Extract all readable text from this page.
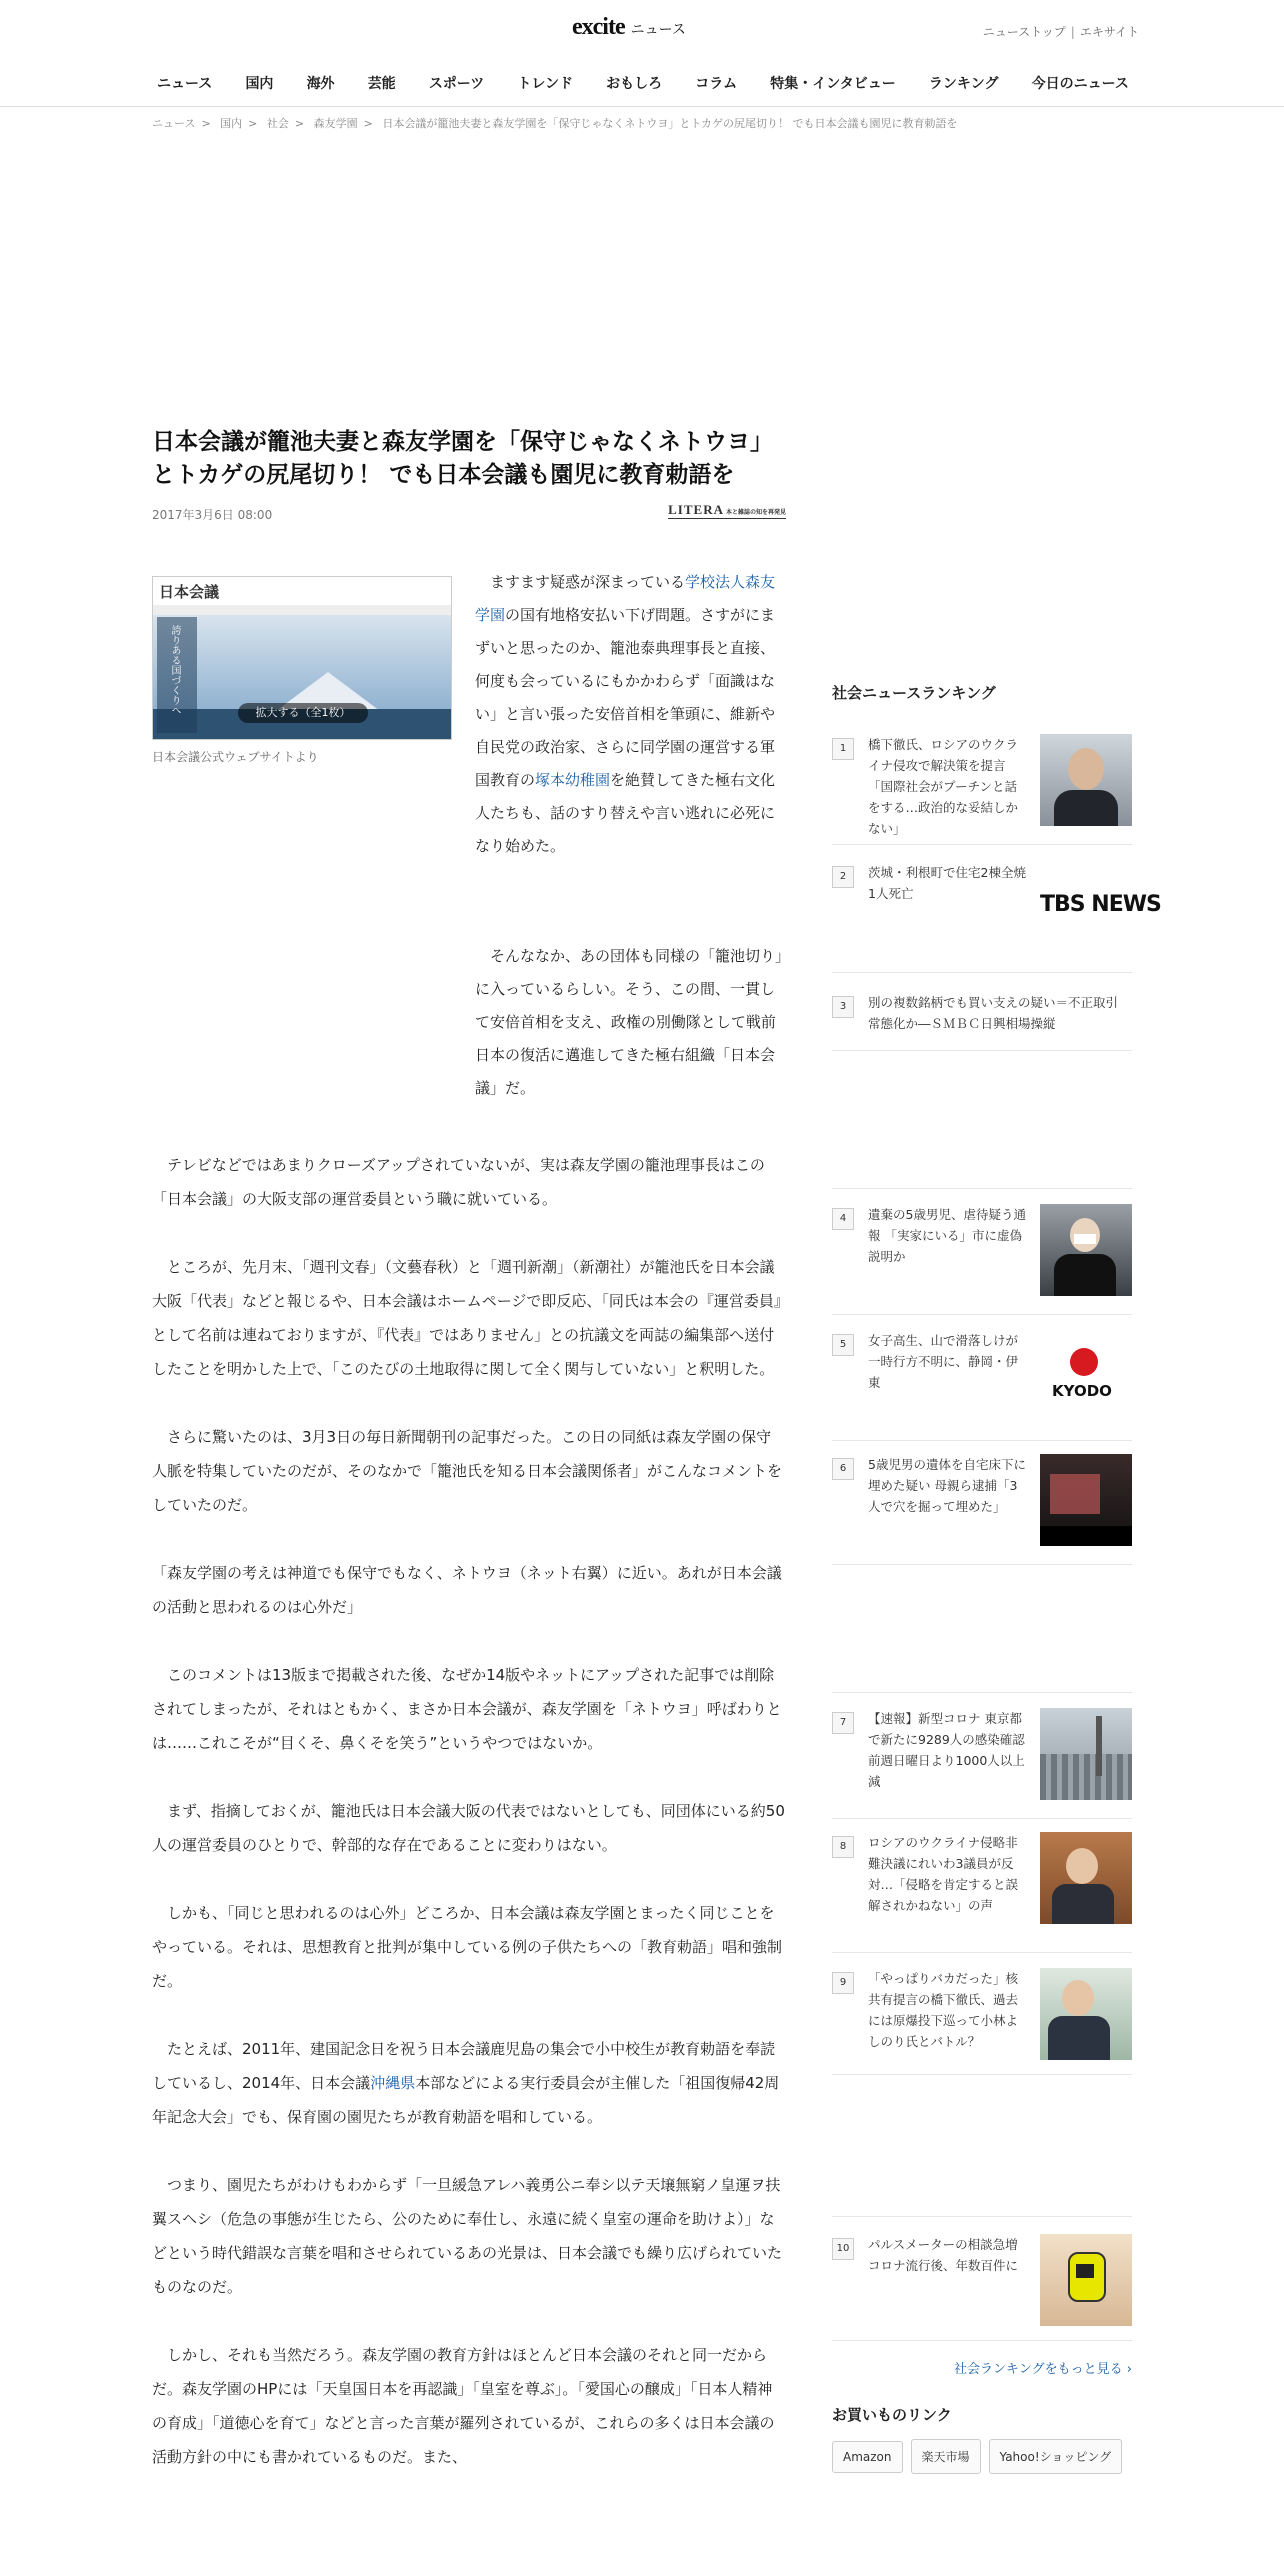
excite ニュース	ニューストップ | エキサイト
ニュース 国内 海外 芸能 スポーツ トレンド おもしろ コラム 特集・インタビュー ランキング 今日のニュース
ニュース > 国内 > 社会 > 森友学園 > 日本会議が籠池夫妻と森友学園を「保守じゃなくネトウヨ」とトカゲの尻尾切り！ でも日本会議も園児に教育勅語を
日本会議が籠池夫妻と森友学園を「保守じゃなくネトウヨ」とトカゲの尻尾切り！ でも日本会議も園児に教育勅語を
2017年3月6日 08:00	LITERA 本と雑誌の知を再発見
日本会議
誇りある国づくりへ	拡大する（全1枚）
日本会議公式ウェブサイトより

ますます疑惑が深まっている学校法人森友学園の国有地格安払い下げ問題。さすがにまずいと思ったのか、籠池泰典理事長と直接、何度も会っているにもかかわらず「面識はない」と言い張った安倍首相を筆頭に、維新や自民党の政治家、さらに同学園の運営する軍国教育の塚本幼稚園を絶賛してきた極右文化人たちも、話のすり替えや言い逃れに必死になり始めた。

そんななか、あの団体も同様の「籠池切り」に入っているらしい。そう、この間、一貫して安倍首相を支え、政権の別働隊として戦前日本の復活に邁進してきた極右組織「日本会議」だ。

テレビなどではあまりクローズアップされていないが、実は森友学園の籠池理事長はこの「日本会議」の大阪支部の運営委員という職に就いている。

ところが、先月末、「週刊文春」（文藝春秋）と「週刊新潮」（新潮社）が籠池氏を日本会議大阪「代表」などと報じるや、日本会議はホームページで即反応、「同氏は本会の『運営委員』として名前は連ねておりますが、『代表』ではありません」との抗議文を両誌の編集部へ送付したことを明かした上で、「このたびの土地取得に関して全く関与していない」と釈明した。

さらに驚いたのは、3月3日の毎日新聞朝刊の記事だった。この日の同紙は森友学園の保守人脈を特集していたのだが、そのなかで「籠池氏を知る日本会議関係者」がこんなコメントをしていたのだ。

「森友学園の考えは神道でも保守でもなく、ネトウヨ（ネット右翼）に近い。あれが日本会議の活動と思われるのは心外だ」

このコメントは13版まで掲載された後、なぜか14版やネットにアップされた記事では削除されてしまったが、それはともかく、まさか日本会議が、森友学園を「ネトウヨ」呼ばわりとは……これこそが“目くそ、鼻くそを笑う”というやつではないか。

まず、指摘しておくが、籠池氏は日本会議大阪の代表ではないとしても、同団体にいる約50人の運営委員のひとりで、幹部的な存在であることに変わりはない。

しかも、「同じと思われるのは心外」どころか、日本会議は森友学園とまったく同じことをやっている。それは、思想教育と批判が集中している例の子供たちへの「教育勅語」唱和強制だ。

たとえば、2011年、建国記念日を祝う日本会議鹿児島の集会で小中校生が教育勅語を奉読しているし、2014年、日本会議沖縄県本部などによる実行委員会が主催した「祖国復帰42周年記念大会」でも、保育園の園児たちが教育勅語を唱和している。

つまり、園児たちがわけもわからず「一旦緩急アレハ義勇公ニ奉シ以テ天壌無窮ノ皇運ヲ扶翼スヘシ（危急の事態が生じたら、公のために奉仕し、永遠に続く皇室の運命を助けよ）」などという時代錯誤な言葉を唱和させられているあの光景は、日本会議でも繰り広げられていたものなのだ。

しかし、それも当然だろう。森友学園の教育方針はほとんど日本会議のそれと同一だからだ。森友学園のHPには「天皇国日本を再認識」「皇室を尊ぶ」。「愛国心の醸成」「日本人精神の育成」「道徳心を育て」などと言った言葉が羅列されているが、これらの多くは日本会議の活動方針の中にも書かれているものだ。また、

社会ニュースランキング
1	橋下徹氏、ロシアのウクライナ侵攻で解決策を提言「国際社会がプーチンと話をする…政治的な妥結しかない」
2	茨城・利根町で住宅2棟全焼 1人死亡	TBS NEWS
3	別の複数銘柄でも買い支えの疑い＝不正取引常態化か―ＳＭＢＣ日興相場操縦
4	遺棄の5歳男児、虐待疑う通報 「実家にいる」市に虚偽説明か
5	女子高生、山で滑落しけが 一時行方不明に、静岡・伊東	KYODO
6	5歳児男の遺体を自宅床下に埋めた疑い 母親ら逮捕「3人で穴を掘って埋めた」
7	【速報】新型コロナ 東京都で新たに9289人の感染確認 前週日曜日より1000人以上減
8	ロシアのウクライナ侵略非難決議にれいわ3議員が反対…「侵略を肯定すると誤解されかねない」の声
9	「やっぱりバカだった」核共有提言の橋下徹氏、過去には原爆投下巡って小林よしのり氏とバトル？
10	パルスメーターの相談急増 コロナ流行後、年数百件に
社会ランキングをもっと見る ›
お買いものリンク
Amazon	楽天市場	Yahoo!ショッピング
